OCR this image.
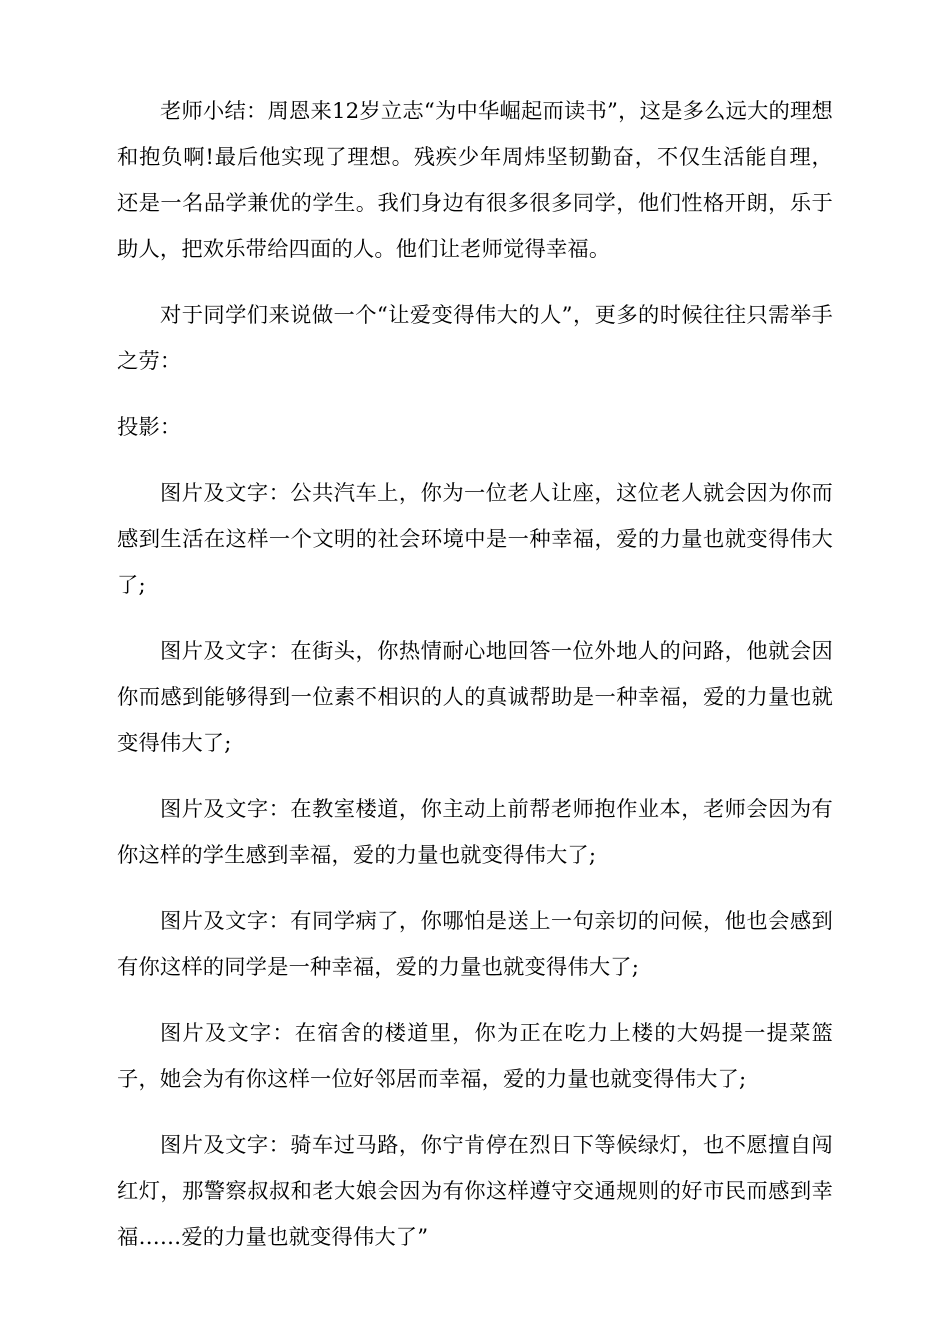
老师小结：周恩来12岁立志“为中华崛起而读书”，这是多么远大的理想和抱负啊!最后他实现了理想。残疾少年周炜坚韧勤奋，不仅生活能自理，还是一名品学兼优的学生。我们身边有很多很多同学，他们性格开朗，乐于助人，把欢乐带给四面的人。他们让老师觉得幸福。

对于同学们来说做一个“让爱变得伟大的人”，更多的时候往往只需举手之劳：

投影：

图片及文字：公共汽车上，你为一位老人让座，这位老人就会因为你而感到生活在这样一个文明的社会环境中是一种幸福，爱的力量也就变得伟大了;

图片及文字：在街头，你热情耐心地回答一位外地人的问路，他就会因你而感到能够得到一位素不相识的人的真诚帮助是一种幸福，爱的力量也就变得伟大了;

图片及文字：在教室楼道，你主动上前帮老师抱作业本，老师会因为有你这样的学生感到幸福，爱的力量也就变得伟大了;

图片及文字：有同学病了，你哪怕是送上一句亲切的问候，他也会感到有你这样的同学是一种幸福，爱的力量也就变得伟大了;

图片及文字：在宿舍的楼道里，你为正在吃力上楼的大妈提一提菜篮子，她会为有你这样一位好邻居而幸福，爱的力量也就变得伟大了;

图片及文字：骑车过马路，你宁肯停在烈日下等候绿灯，也不愿擅自闯红灯，那警察叔叔和老大娘会因为有你这样遵守交通规则的好市民而感到幸福……爱的力量也就变得伟大了”
